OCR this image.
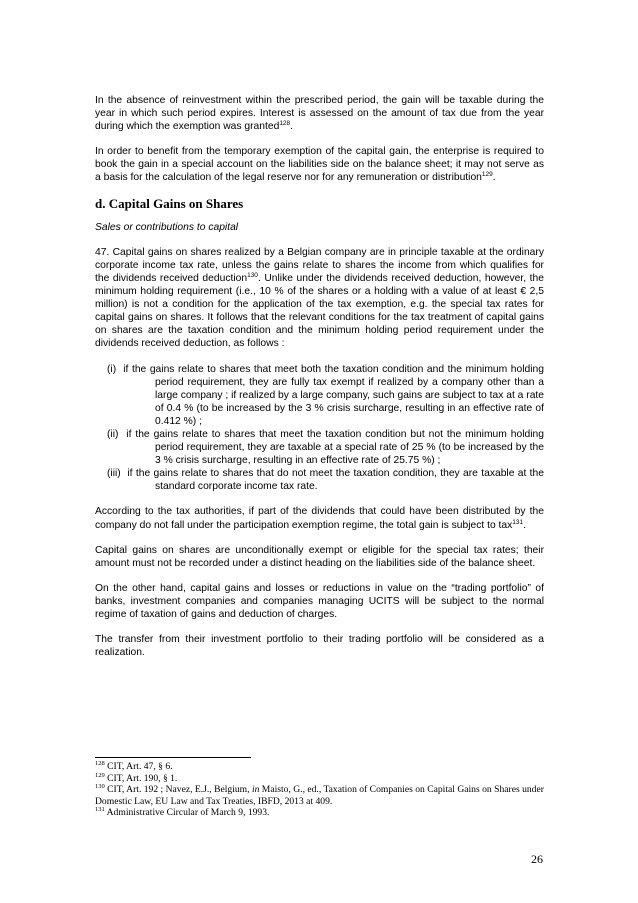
In the absence of reinvestment within the prescribed period, the gain will be taxable during the year in which such period expires. Interest is assessed on the amount of tax due from the year during which the exemption was granted$^{128}$.

In order to benefit from the temporary exemption of the capital gain, the enterprise is required to book the gain in a special account on the liabilities side on the balance sheet; it may not serve as a basis for the calculation of the legal reserve nor for any remuneration or distribution$^{129}$.

d. Capital Gains on Shares

Sales or contributions to capital

47. Capital gains on shares realized by a Belgian company are in principle taxable at the ordinary corporate income tax rate, unless the gains relate to shares the income from which qualifies for the dividends received deduction$^{130}$. Unlike under the dividends received deduction, however, the minimum holding requirement (i.e., 10 % of the shares or a holding with a value of at least € 2,5 million) is not a condition for the application of the tax exemption, e.g. the special tax rates for capital gains on shares. It follows that the relevant conditions for the tax treatment of capital gains on shares are the taxation condition and the minimum holding period requirement under the dividends received deduction, as follows :

(i) if the gains relate to shares that meet both the taxation condition and the minimum holding period requirement, they are fully tax exempt if realized by a company other than a large company ; if realized by a large company, such gains are subject to tax at a rate of 0.4 % (to be increased by the 3 % crisis surcharge, resulting in an effective rate of 0.412 %) ;
(ii) if the gains relate to shares that meet the taxation condition but not the minimum holding period requirement, they are taxable at a special rate of 25 % (to be increased by the 3 % crisis surcharge, resulting in an effective rate of 25.75 %) ;
(iii) if the gains relate to shares that do not meet the taxation condition, they are taxable at the standard corporate income tax rate.

According to the tax authorities, if part of the dividends that could have been distributed by the company do not fall under the participation exemption regime, the total gain is subject to tax$^{131}$.

Capital gains on shares are unconditionally exempt or eligible for the special tax rates; their amount must not be recorded under a distinct heading on the liabilities side of the balance sheet.

On the other hand, capital gains and losses or reductions in value on the “trading portfolio” of banks, investment companies and companies managing UCITS will be subject to the normal regime of taxation of gains and deduction of charges.

The transfer from their investment portfolio to their trading portfolio will be considered as a realization.

$^{128}$ CIT, Art. 47, § 6.

$^{129}$ CIT, Art. 190, § 1.

$^{130}$ CIT, Art. 192 ; Navez, E.J., Belgium, in Maisto, G., ed., Taxation of Companies on Capital Gains on Shares under Domestic Law, EU Law and Tax Treaties, IBFD, 2013 at 409.

$^{131}$ Administrative Circular of March 9, 1993.

26
